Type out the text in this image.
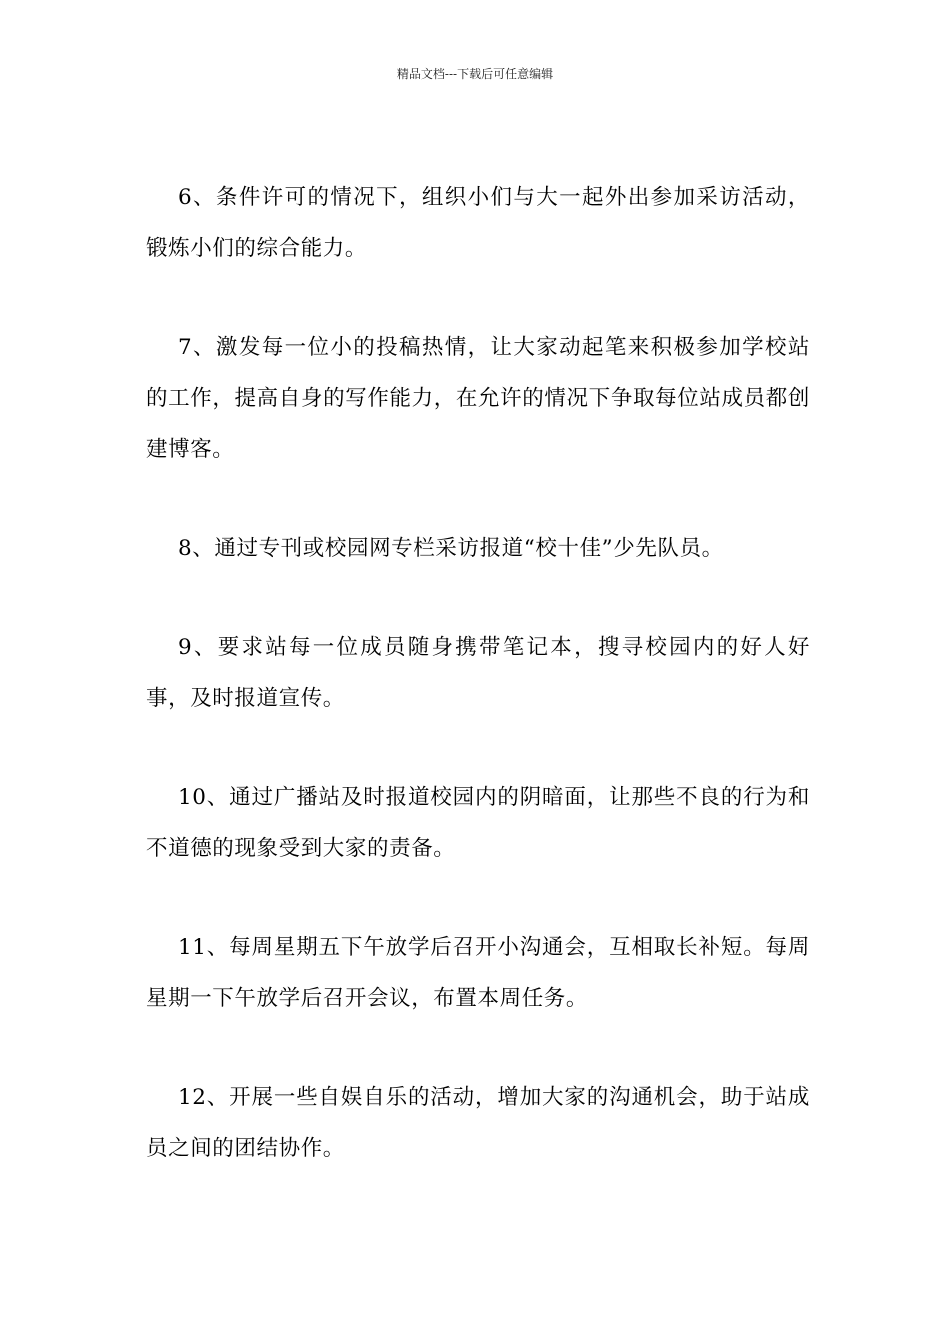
精品文档---下载后可任意编辑

6、条件许可的情况下，组织小们与大一起外出参加采访活动，锻炼小们的综合能力。

7、激发每一位小的投稿热情，让大家动起笔来积极参加学校站的工作，提高自身的写作能力，在允许的情况下争取每位站成员都创建博客。

8、通过专刊或校园网专栏采访报道“校十佳”少先队员。

9、要求站每一位成员随身携带笔记本，搜寻校园内的好人好事，及时报道宣传。

10、通过广播站及时报道校园内的阴暗面，让那些不良的行为和不道德的现象受到大家的责备。

11、每周星期五下午放学后召开小沟通会，互相取长补短。每周星期一下午放学后召开会议，布置本周任务。

12、开展一些自娱自乐的活动，增加大家的沟通机会，助于站成员之间的团结协作。
